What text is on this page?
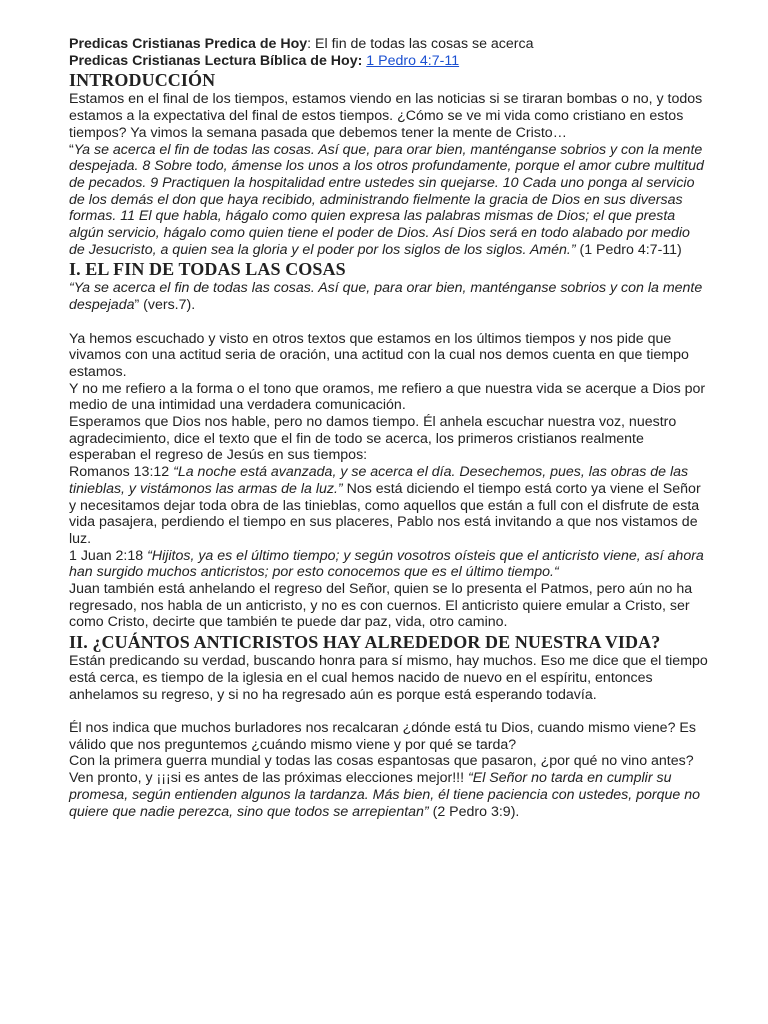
Predicas Cristianas Predica de Hoy: El fin de todas las cosas se acerca

Predicas Cristianas Lectura Bíblica de Hoy: 1 Pedro 4:7-11

INTRODUCCIÓN

Estamos en el final de los tiempos, estamos viendo en las noticias si se tiraran bombas o no, y todos estamos a la expectativa del final de estos tiempos. ¿Cómo se ve mi vida como cristiano en estos tiempos? Ya vimos la semana pasada que debemos tener la mente de Cristo…

“Ya se acerca el fin de todas las cosas. Así que, para orar bien, manténganse sobrios y con la mente despejada. 8 Sobre todo, ámense los unos a los otros profundamente, porque el amor cubre multitud de pecados. 9 Practiquen la hospitalidad entre ustedes sin quejarse. 10 Cada uno ponga al servicio de los demás el don que haya recibido, administrando fielmente la gracia de Dios en sus diversas formas. 11 El que habla, hágalo como quien expresa las palabras mismas de Dios; el que presta algún servicio, hágalo como quien tiene el poder de Dios. Así Dios será en todo alabado por medio de Jesucristo, a quien sea la gloria y el poder por los siglos de los siglos. Amén.” (1 Pedro 4:7-11)

I. EL FIN DE TODAS LAS COSAS

“Ya se acerca el fin de todas las cosas. Así que, para orar bien, manténganse sobrios y con la mente despejada” (vers.7).

Ya hemos escuchado y visto en otros textos que estamos en los últimos tiempos y nos pide que vivamos con una actitud seria de oración, una actitud con la cual nos demos cuenta en que tiempo estamos.

Y no me refiero a la forma o el tono que oramos, me refiero a que nuestra vida se acerque a Dios por medio de una intimidad una verdadera comunicación.

Esperamos que Dios nos hable, pero no damos tiempo. Él anhela escuchar nuestra voz, nuestro agradecimiento, dice el texto que el fin de todo se acerca, los primeros cristianos realmente esperaban el regreso de Jesús en sus tiempos:

Romanos 13:12 “La noche está avanzada, y se acerca el día. Desechemos, pues, las obras de las tinieblas, y vistámonos las armas de la luz.” Nos está diciendo el tiempo está corto ya viene el Señor y necesitamos dejar toda obra de las tinieblas, como aquellos que están a full con el disfrute de esta vida pasajera, perdiendo el tiempo en sus placeres, Pablo nos está invitando a que nos vistamos de luz.

1 Juan 2:18 “Hijitos, ya es el último tiempo; y según vosotros oísteis que el anticristo viene, así ahora han surgido muchos anticristos; por esto conocemos que es el último tiempo.“

Juan también está anhelando el regreso del Señor, quien se lo presenta el Patmos, pero aún no ha regresado, nos habla de un anticristo, y no es con cuernos. El anticristo quiere emular a Cristo, ser como Cristo, decirte que también te puede dar paz, vida, otro camino.

II. ¿CUÁNTOS ANTICRISTOS HAY ALREDEDOR DE NUESTRA VIDA?

Están predicando su verdad, buscando honra para sí mismo, hay muchos. Eso me dice que el tiempo está cerca, es tiempo de la iglesia en el cual hemos nacido de nuevo en el espíritu, entonces anhelamos su regreso, y si no ha regresado aún es porque está esperando todavía.

Él nos indica que muchos burladores nos recalcaran ¿dónde está tu Dios, cuando mismo viene? Es válido que nos preguntemos ¿cuándo mismo viene y por qué se tarda?

Con la primera guerra mundial y todas las cosas espantosas que pasaron, ¿por qué no vino antes? Ven pronto, y ¡¡¡si es antes de las próximas elecciones mejor!!! “El Señor no tarda en cumplir su promesa, según entienden algunos la tardanza. Más bien, él tiene paciencia con ustedes, porque no quiere que nadie perezca, sino que todos se arrepientan” (2 Pedro 3:9).
